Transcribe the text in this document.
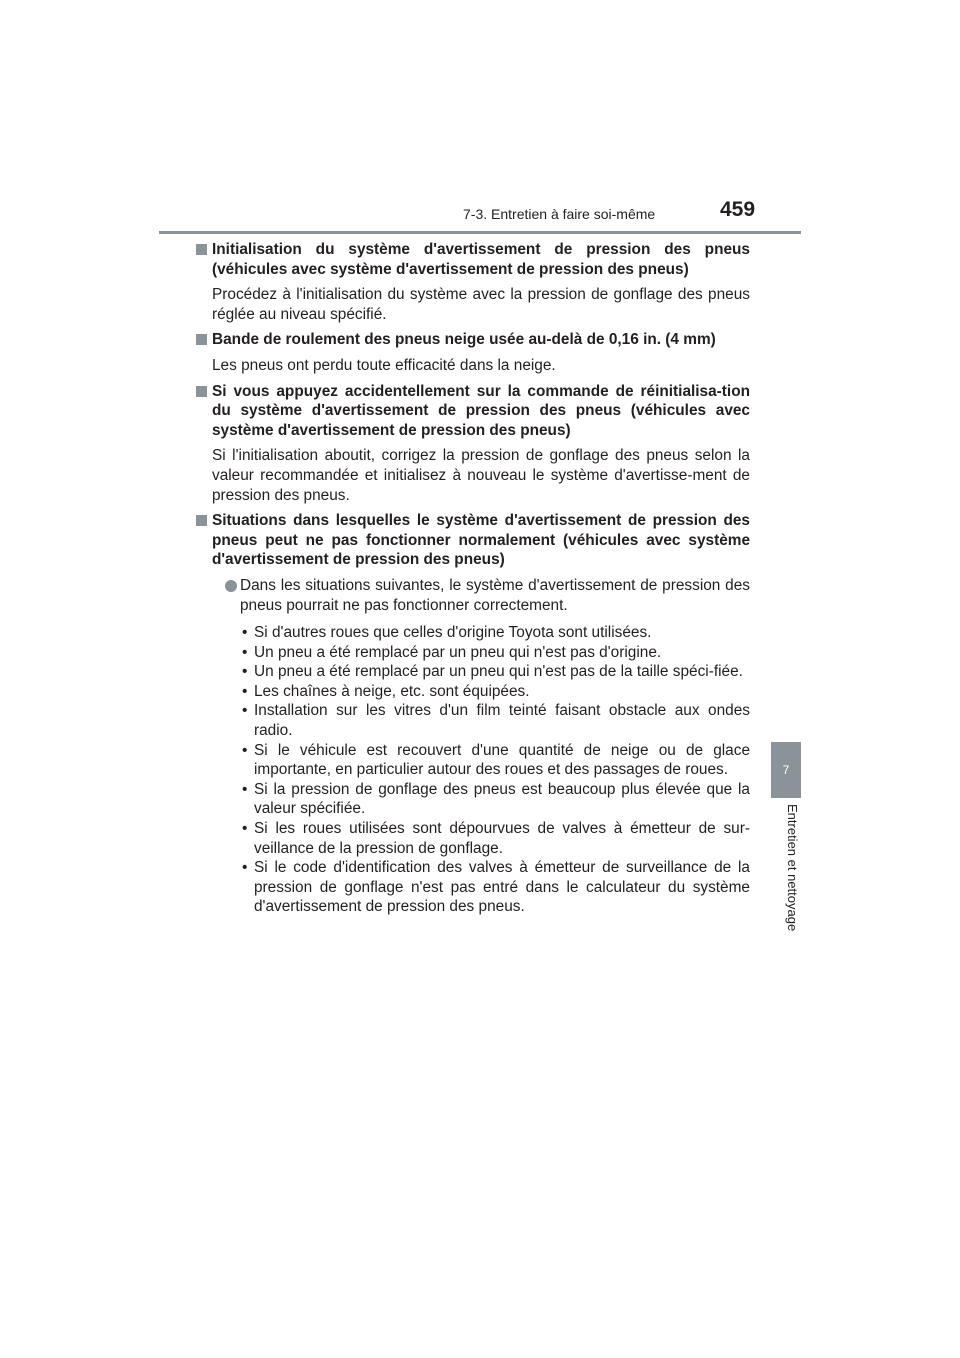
7-3. Entretien à faire soi-même	459
7
Entretien et nettoyage

Initialisation du système d'avertissement de pression des pneus (véhicules avec système d'avertissement de pression des pneus)

Procédez à l'initialisation du système avec la pression de gonflage des pneus réglée au niveau spécifié.

Bande de roulement des pneus neige usée au-delà de 0,16 in. (4 mm)

Les pneus ont perdu toute efficacité dans la neige.

Si vous appuyez accidentellement sur la commande de réinitialisa-tion du système d'avertissement de pression des pneus (véhicules avec système d'avertissement de pression des pneus)

Si l'initialisation aboutit, corrigez la pression de gonflage des pneus selon la valeur recommandée et initialisez à nouveau le système d'avertisse-ment de pression des pneus.

Situations dans lesquelles le système d'avertissement de pression des pneus peut ne pas fonctionner normalement (véhicules avec système d'avertissement de pression des pneus)

Dans les situations suivantes, le système d'avertissement de pression des pneus pourrait ne pas fonctionner correctement.

• Si d'autres roues que celles d'origine Toyota sont utilisées.
• Un pneu a été remplacé par un pneu qui n'est pas d'origine.
• Un pneu a été remplacé par un pneu qui n'est pas de la taille spéci-fiée.
• Les chaînes à neige, etc. sont équipées.
• Installation sur les vitres d'un film teinté faisant obstacle aux ondes radio.
• Si le véhicule est recouvert d'une quantité de neige ou de glace importante, en particulier autour des roues et des passages de roues.
• Si la pression de gonflage des pneus est beaucoup plus élevée que la valeur spécifiée.
• Si les roues utilisées sont dépourvues de valves à émetteur de sur-veillance de la pression de gonflage.
• Si le code d'identification des valves à émetteur de surveillance de la pression de gonflage n'est pas entré dans le calculateur du système d'avertissement de pression des pneus.
